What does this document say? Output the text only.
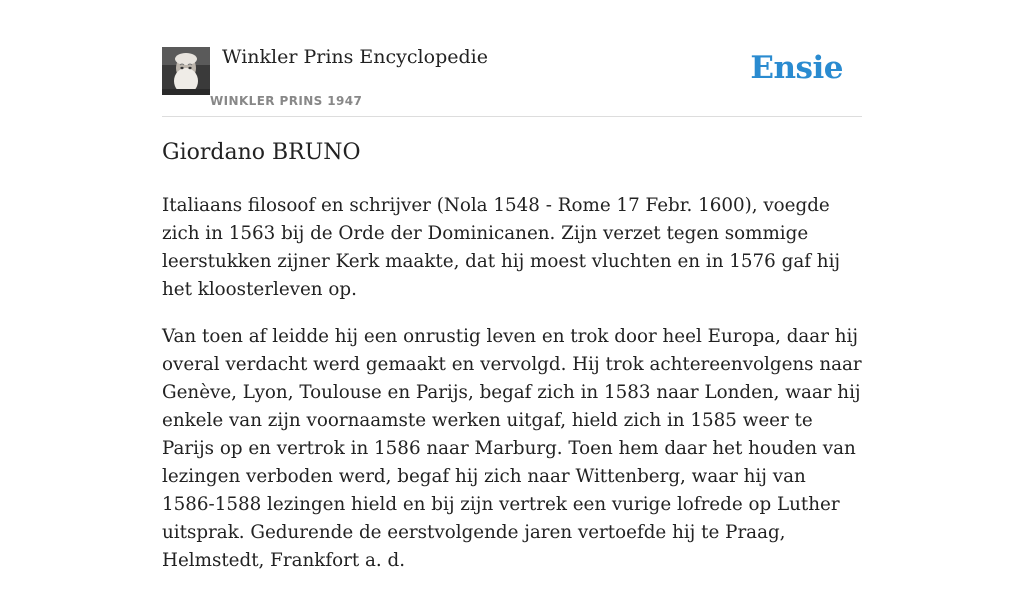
Winkler Prins Encyclopedie
WINKLER PRINS 1947
Ensie
Giordano BRUNO

Italiaans filosoof en schrijver (Nola 1548 - Rome 17 Febr. 1600), voegde zich in 1563 bij de Orde der Dominicanen. Zijn verzet tegen sommige leerstukken zijner Kerk maakte, dat hij moest vluchten en in 1576 gaf hij het kloosterleven op.

Van toen af leidde hij een onrustig leven en trok door heel Europa, daar hij overal verdacht werd gemaakt en vervolgd. Hij trok achtereenvolgens naar Genève, Lyon, Toulouse en Parijs, begaf zich in 1583 naar Londen, waar hij enkele van zijn voornaamste werken uitgaf, hield zich in 1585 weer te Parijs op en vertrok in 1586 naar Marburg. Toen hem daar het houden van lezingen verboden werd, begaf hij zich naar Wittenberg, waar hij van 1586-1588 lezingen hield en bij zijn vertrek een vurige lofrede op Luther uitsprak. Gedurende de eerstvolgende jaren vertoefde hij te Praag, Helmstedt, Frankfort a. d.
